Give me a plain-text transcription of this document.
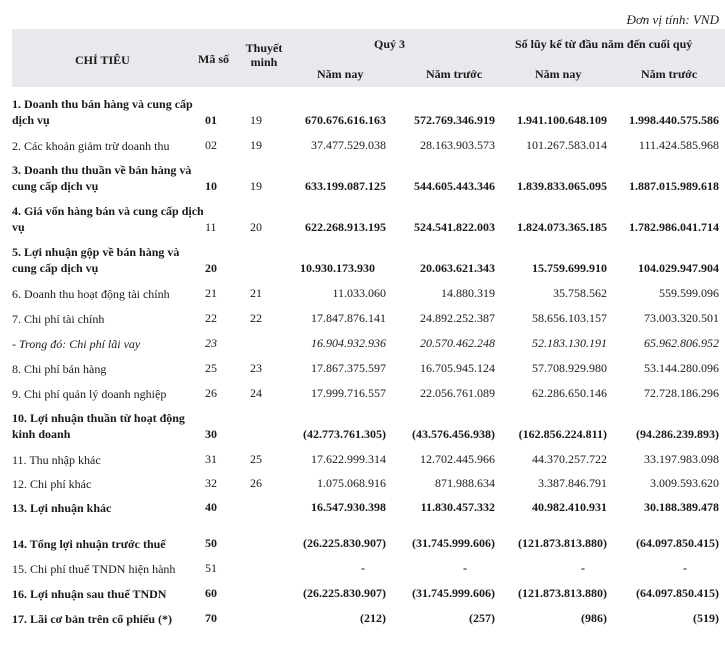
Đơn vị tính: VND
CHỈ TIÊU	Mã số
Thuyết minh
Quý 3	Số lũy kế từ đầu năm đến cuối quý
Năm nay	Năm trước	Năm nay	Năm trước
1. Doanh thu bán hàng và cung cấp dịch vụ	01	19	670.676.616.163 572.769.346.919 1.941.100.648.109 1.998.440.575.586
2. Các khoản giảm trừ doanh thu	02	19	37.477.529.038	28.163.903.573	101.267.583.014	111.424.585.968
3. Doanh thu thuần về bán hàng và cung cấp dịch vụ	10	19	633.199.087.125 544.605.443.346 1.839.833.065.095 1.887.015.989.618
4. Giá vốn hàng bán và cung cấp dịch vụ	11	20	622.268.913.195 524.541.822.003 1.824.073.365.185 1.782.986.041.714
5. Lợi nhuận gộp về bán hàng và cung cấp dịch vụ	20	10.930.173.930	20.063.621.343	15.759.699.910	104.029.947.904
6. Doanh thu hoạt động tài chính	21	21	11.033.060	14.880.319	35.758.562	559.599.096
7. Chi phí tài chính	22	22	17.847.876.141	24.892.252.387	58.656.103.157	73.003.320.501
- Trong đó: Chi phí lãi vay	23	16.904.932.936	20.570.462.248	52.183.130.191	65.962.806.952
8. Chi phí bán hàng	25	23	17.867.375.597	16.705.945.124	57.708.929.980	53.144.280.096
9. Chi phí quản lý doanh nghiệp	26	24	17.999.716.557	22.056.761.089	62.286.650.146	72.728.186.296
10. Lợi nhuận thuần từ hoạt động kinh doanh	30	(42.773.761.305) (43.576.456.938) (162.856.224.811) (94.286.239.893)
11. Thu nhập khác	31	25	17.622.999.314	12.702.445.966	44.370.257.722	33.197.983.098
12. Chi phí khác	32	26	1.075.068.916	871.988.634	3.387.846.791	3.009.593.620
13. Lợi nhuận khác	40	16.547.930.398	11.830.457.332	40.982.410.931	30.188.389.478
14. Tổng lợi nhuận trước thuế	50	(26.225.830.907) (31.745.999.606) (121.873.813.880) (64.097.850.415)
15. Chi phí thuế TNDN hiện hành	51	-	-	-	-
16. Lợi nhuận sau thuế TNDN	60	(26.225.830.907) (31.745.999.606) (121.873.813.880) (64.097.850.415)
17. Lãi cơ bản trên cổ phiếu (*)	70	(212)	(257)	(986)	(519)
